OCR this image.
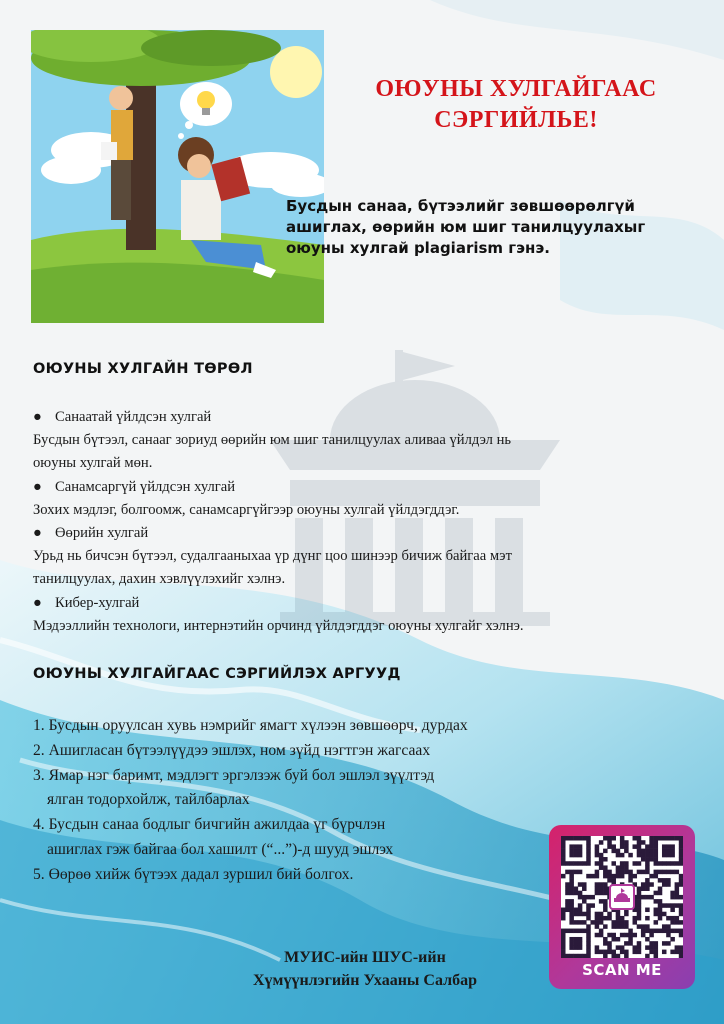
ОЮУНЫ ХУЛГАЙГААС
СЭРГИЙЛЬЕ!
Бусдын санаа, бүтээлийг зөвшөөрөлгүй
ашиглах, өөрийн юм шиг танилцуулахыг
оюуны хулгай plagiarism гэнэ.
ОЮУНЫ ХУЛГАЙН ТӨРӨЛ
● Санаатай үйлдсэн хулгай
Бусдын бүтээл, санааг зориуд өөрийн юм шиг танилцуулах аливаа үйлдэл нь
оюуны хулгай мөн.
● Санамсаргүй үйлдсэн хулгай
Зохих мэдлэг, болгоомж, санамсаргүйгээр оюуны хулгай үйлдэгддэг.
● Өөрийн хулгай
Урьд нь бичсэн бүтээл, судалгааныхаа үр дүнг цоо шинээр бичиж байгаа мэт
танилцуулах, дахин хэвлүүлэхийг хэлнэ.
● Кибер-хулгай
Мэдээллийн технологи, интернэтийн орчинд үйлдэгддэг оюуны хулгайг хэлнэ.
ОЮУНЫ ХУЛГАЙГААС СЭРГИЙЛЭХ АРГУУД
1. Бусдын оруулсан хувь нэмрийг ямагт хүлээн зөвшөөрч, дурдах
2. Ашигласан бүтээлүүдээ эшлэх, ном зүйд нэгтгэн жагсаах
3. Ямар нэг баримт, мэдлэгт эргэлзэж буй бол эшлэл зүүлтэд
ялган тодорхойлж, тайлбарлах
4. Бусдын санаа бодлыг бичгийн ажилдаа үг бүрчлэн
ашиглах гэж байгаа бол хашилт (“...”)-д шууд эшлэх
5. Өөрөө хийж бүтээх дадал зуршил бий болгох.
SCAN ME
МУИС-ийн ШУС-ийн
Хүмүүнлэгийн Ухааны Салбар
